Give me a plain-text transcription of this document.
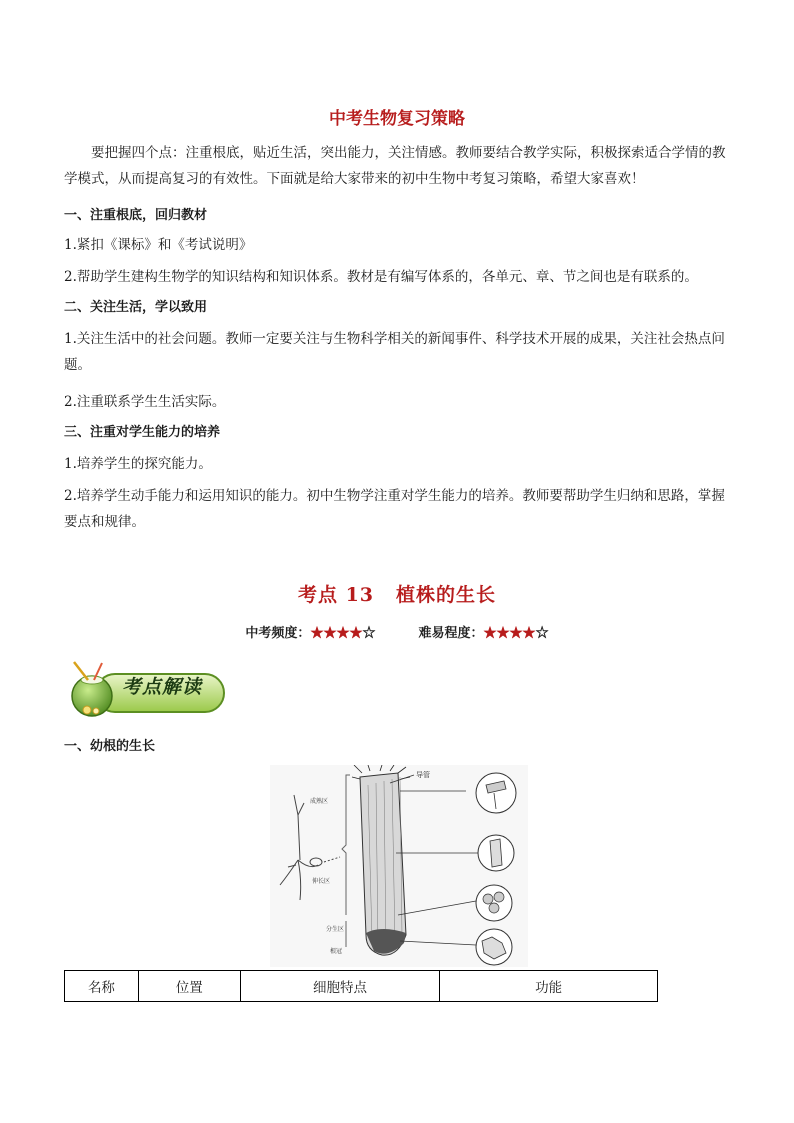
中考生物复习策略
要把握四个点：注重根底，贴近生活，突出能力，关注情感。教师要结合教学实际，积极探索适合学情的教学模式，从而提高复习的有效性。下面就是给大家带来的初中生物中考复习策略，希望大家喜欢！
一、注重根底，回归教材
1.紧扣《课标》和《考试说明》
2.帮助学生建构生物学的知识结构和知识体系。教材是有编写体系的，各单元、章、节之间也是有联系的。
二、关注生活，学以致用
1.关注生活中的社会问题。教师一定要关注与生物科学相关的新闻事件、科学技术开展的成果，关注社会热点问题。
2.注重联系学生生活实际。
三、注重对学生能力的培养
1.培养学生的探究能力。
2.培养学生动手能力和运用知识的能力。初中生物学注重对学生能力的培养。教师要帮助学生归纳和思路，掌握要点和规律。
考点 13 植株的生长
中考频度：★★★★☆	难易程度：★★★★☆
考点解读
一、幼根的生长
成熟区
伸长区
分生区
根冠
导管
名称	位置	细胞特点	功能
